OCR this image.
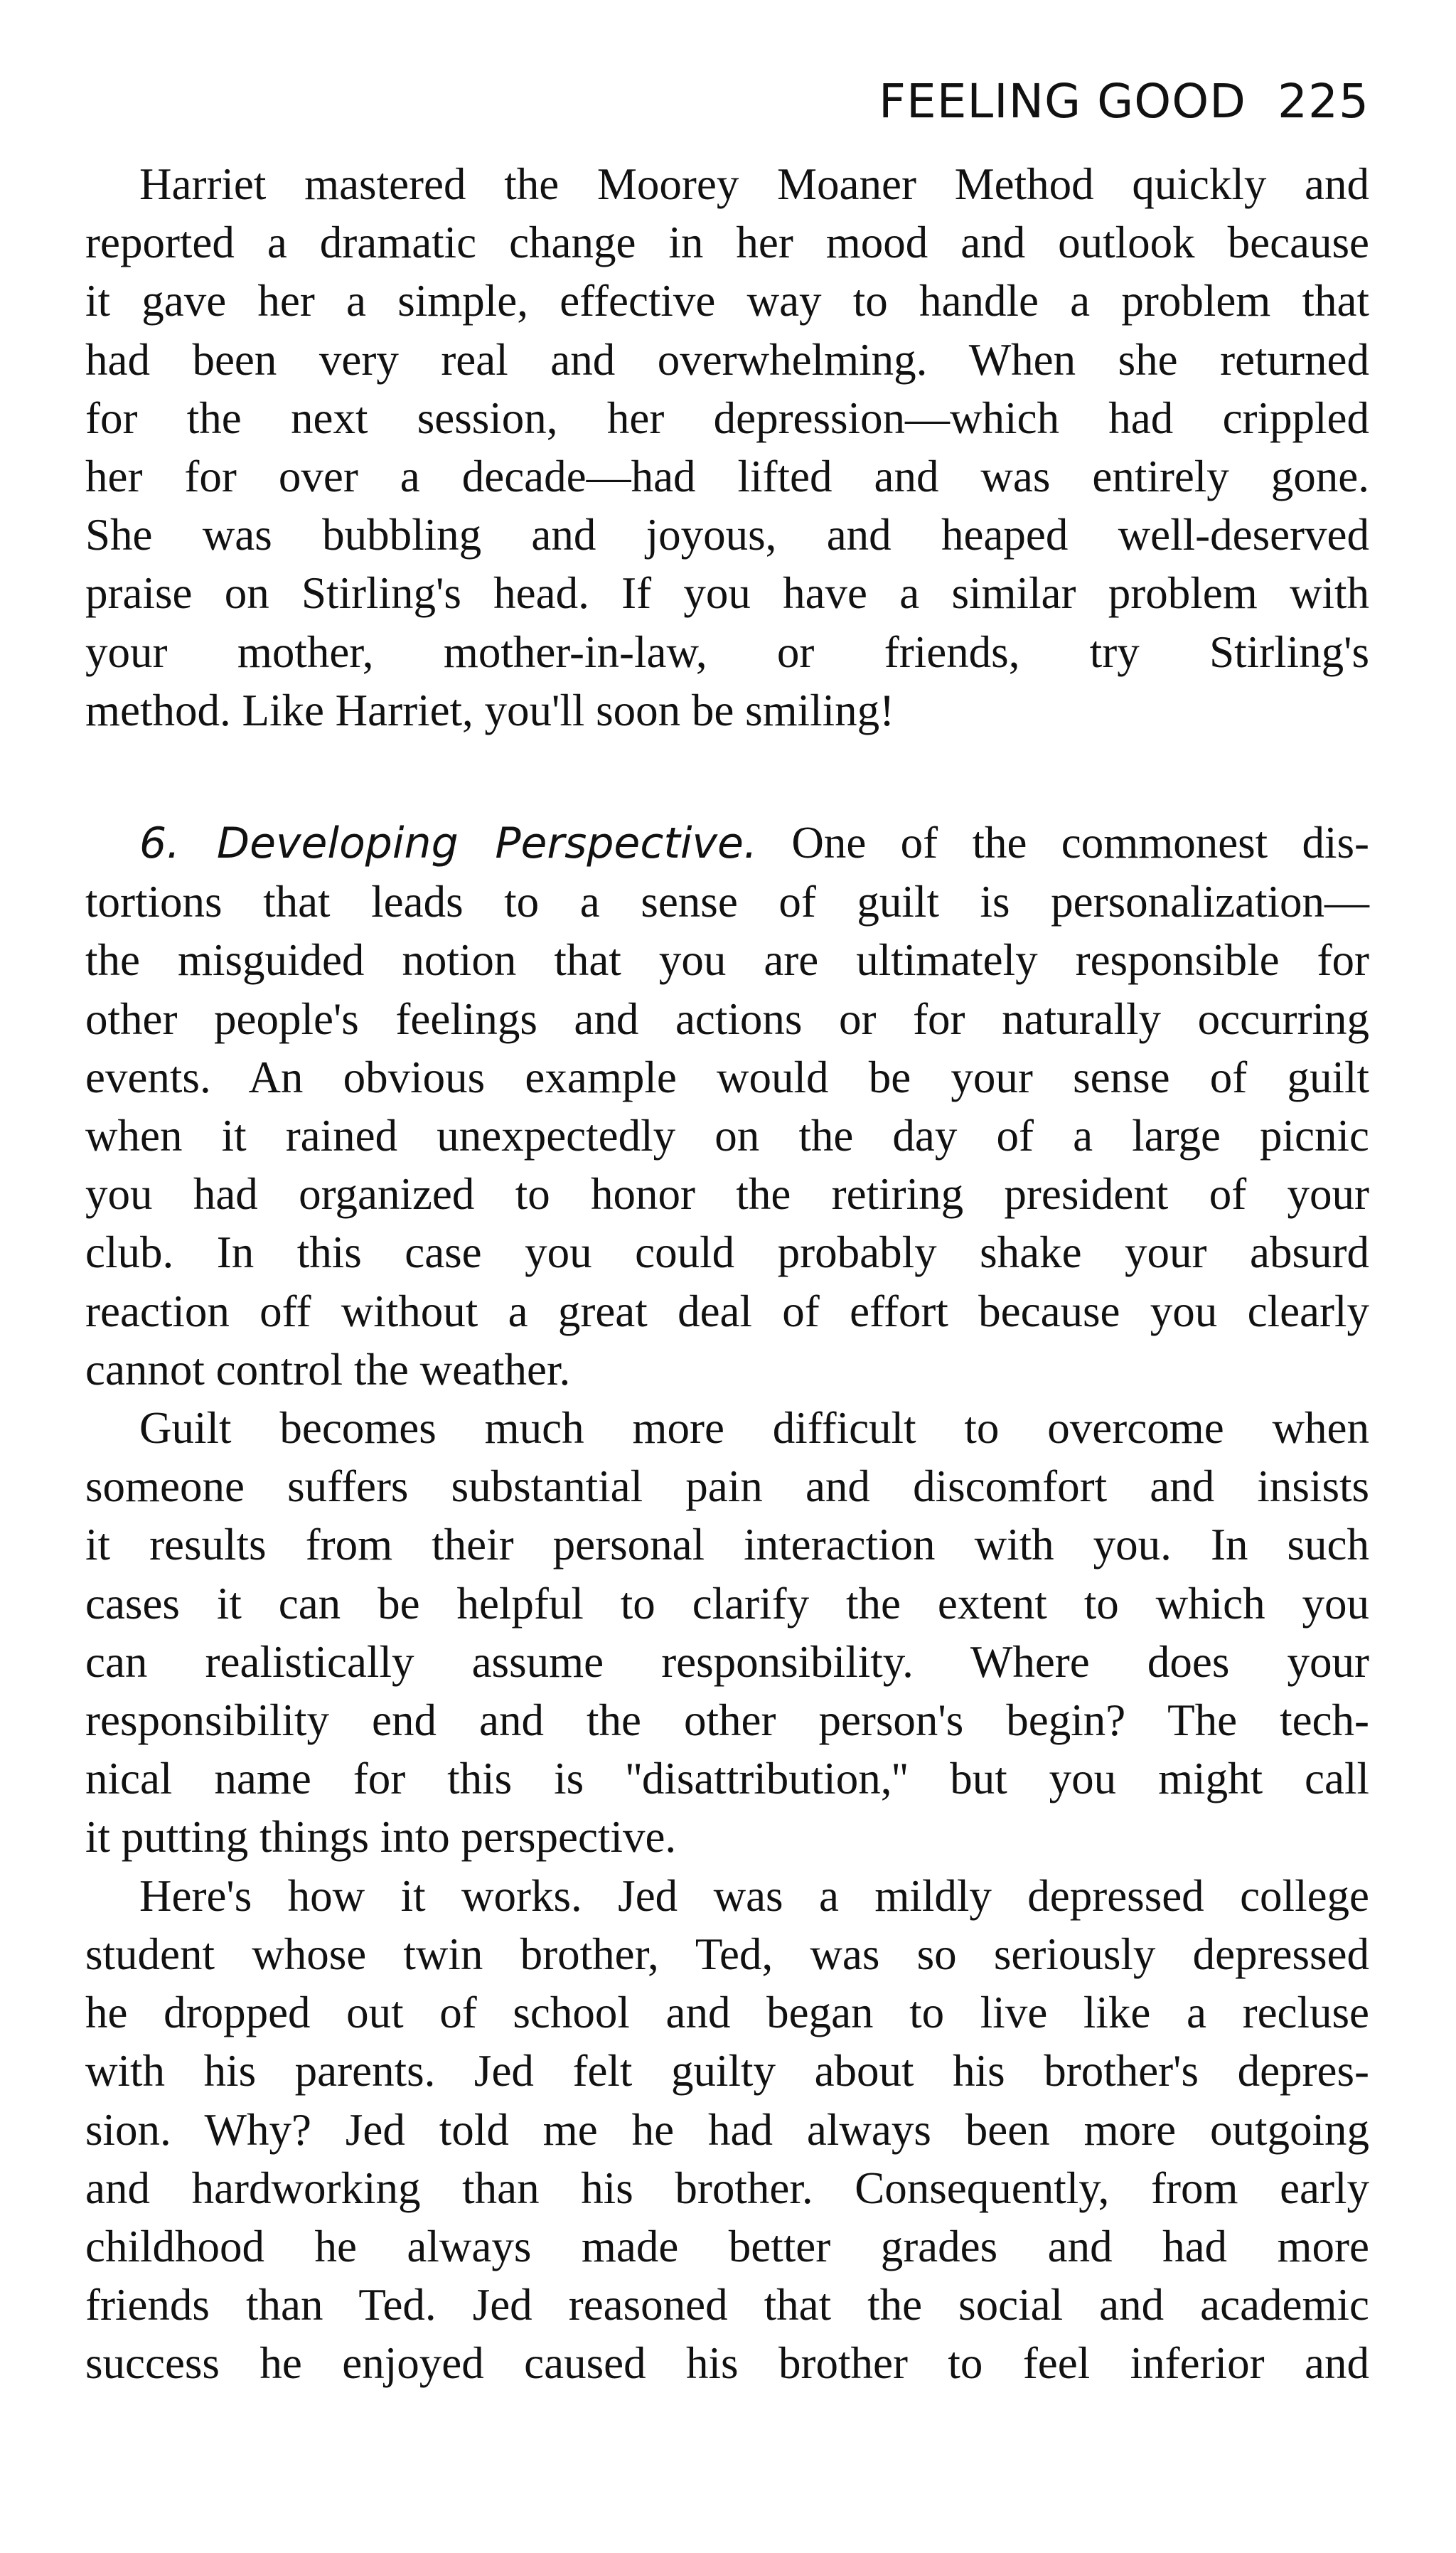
FEELING GOOD 225

Harriet mastered the Moorey Moaner Method quickly and
reported a dramatic change in her mood and outlook because
it gave her a simple, effective way to handle a problem that
had been very real and overwhelming. When she returned
for the next session, her depression—which had crippled
her for over a decade—had lifted and was entirely gone.
She was bubbling and joyous, and heaped well-deserved
praise on Stirling's head. If you have a similar problem with
your mother, mother-in-law, or friends, try Stirling's
method. Like Harriet, you'll soon be smiling!

6. Developing Perspective. One of the commonest dis-
tortions that leads to a sense of guilt is personalization—
the misguided notion that you are ultimately responsible for
other people's feelings and actions or for naturally occurring
events. An obvious example would be your sense of guilt
when it rained unexpectedly on the day of a large picnic
you had organized to honor the retiring president of your
club. In this case you could probably shake your absurd
reaction off without a great deal of effort because you clearly
cannot control the weather.

Guilt becomes much more difficult to overcome when
someone suffers substantial pain and discomfort and insists
it results from their personal interaction with you. In such
cases it can be helpful to clarify the extent to which you
can realistically assume responsibility. Where does your
responsibility end and the other person's begin? The tech-
nical name for this is ''disattribution,'' but you might call
it putting things into perspective.

Here's how it works. Jed was a mildly depressed college
student whose twin brother, Ted, was so seriously depressed
he dropped out of school and began to live like a recluse
with his parents. Jed felt guilty about his brother's depres-
sion. Why? Jed told me he had always been more outgoing
and hardworking than his brother. Consequently, from early
childhood he always made better grades and had more
friends than Ted. Jed reasoned that the social and academic
success he enjoyed caused his brother to feel inferior and
